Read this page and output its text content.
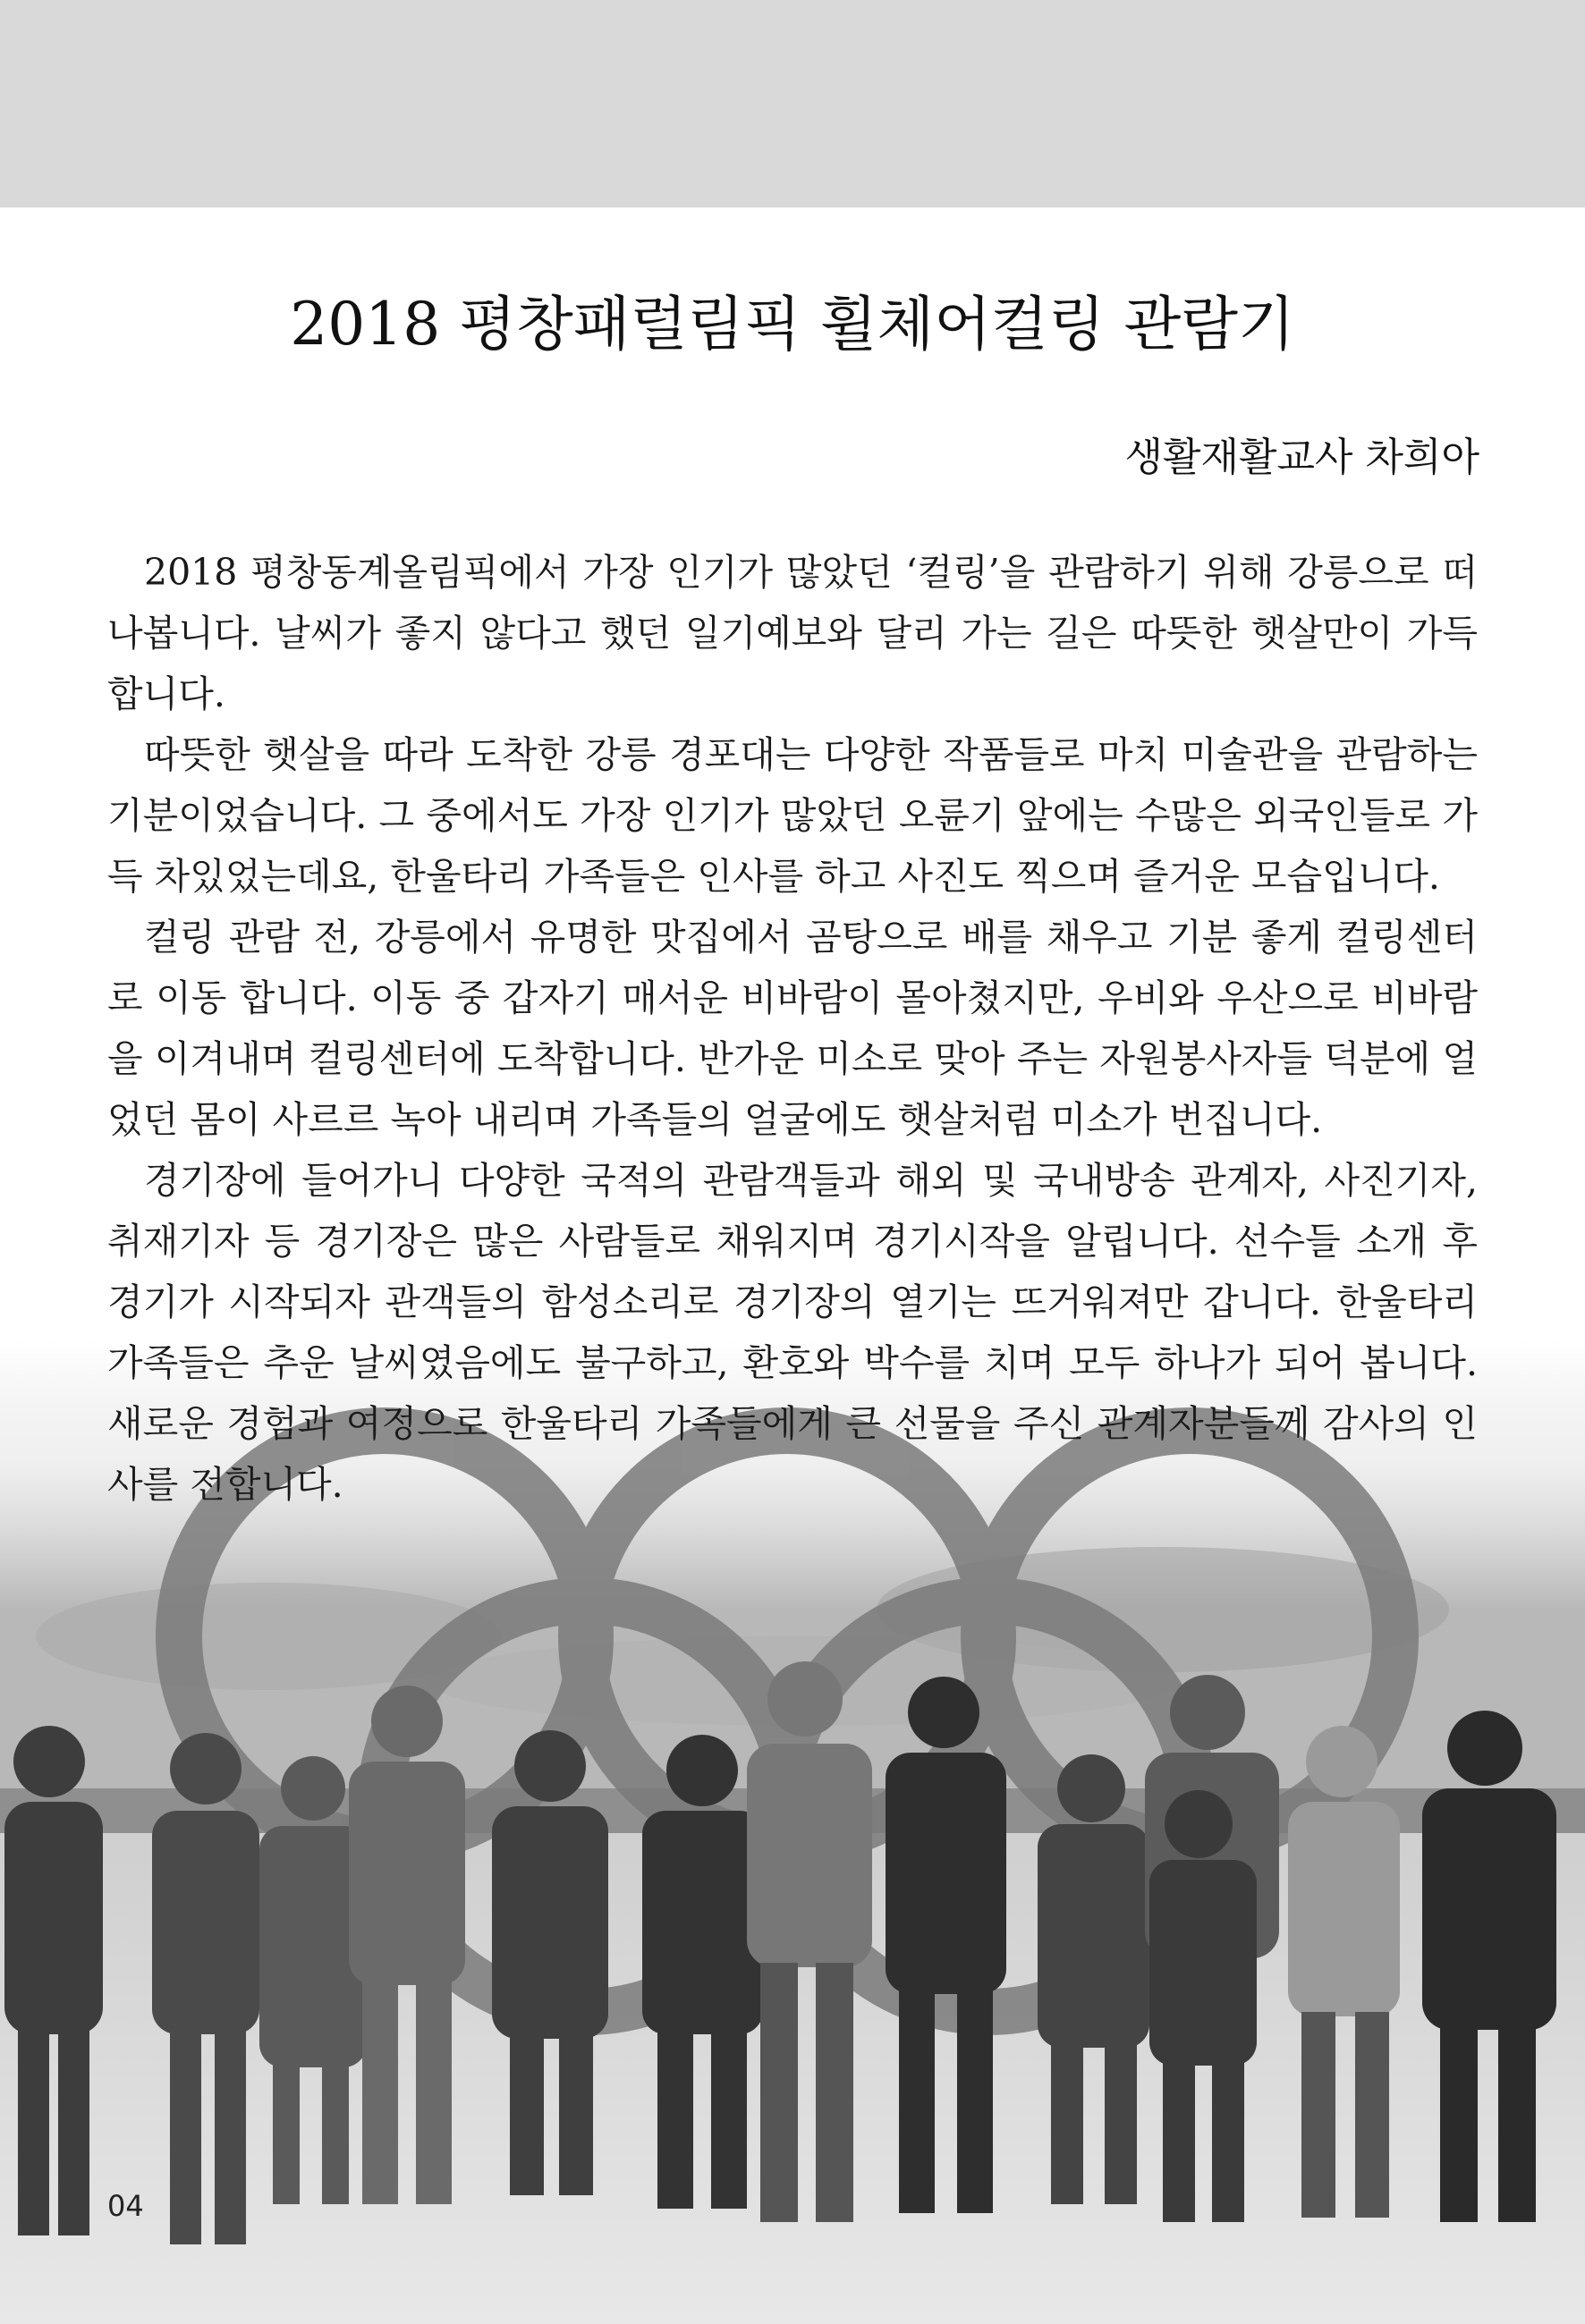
2018 평창패럴림픽 휠체어컬링 관람기
생활재활교사 차희아

2018 평창동계올림픽에서 가장 인기가 많았던 ‘컬링’을 관람하기 위해 강릉으로 떠나봅니다. 날씨가 좋지 않다고 했던 일기예보와 달리 가는 길은 따뜻한 햇살만이 가득합니다.

따뜻한 햇살을 따라 도착한 강릉 경포대는 다양한 작품들로 마치 미술관을 관람하는 기분이었습니다. 그 중에서도 가장 인기가 많았던 오륜기 앞에는 수많은 외국인들로 가득 차있었는데요, 한울타리 가족들은 인사를 하고 사진도 찍으며 즐거운 모습입니다.

컬링 관람 전, 강릉에서 유명한 맛집에서 곰탕으로 배를 채우고 기분 좋게 컬링센터로 이동 합니다. 이동 중 갑자기 매서운 비바람이 몰아쳤지만, 우비와 우산으로 비바람을 이겨내며 컬링센터에 도착합니다. 반가운 미소로 맞아 주는 자원봉사자들 덕분에 얼었던 몸이 사르르 녹아 내리며 가족들의 얼굴에도 햇살처럼 미소가 번집니다.

경기장에 들어가니 다양한 국적의 관람객들과 해외 및 국내방송 관계자, 사진기자, 취재기자 등 경기장은 많은 사람들로 채워지며 경기시작을 알립니다. 선수들 소개 후 경기가 시작되자 관객들의 함성소리로 경기장의 열기는 뜨거워져만 갑니다. 한울타리 가족들은 추운 날씨였음에도 불구하고, 환호와 박수를 치며 모두 하나가 되어 봅니다. 새로운 경험과 여정으로 한울타리 가족들에게 큰 선물을 주신 관계자분들께 감사의 인사를 전합니다.

04
